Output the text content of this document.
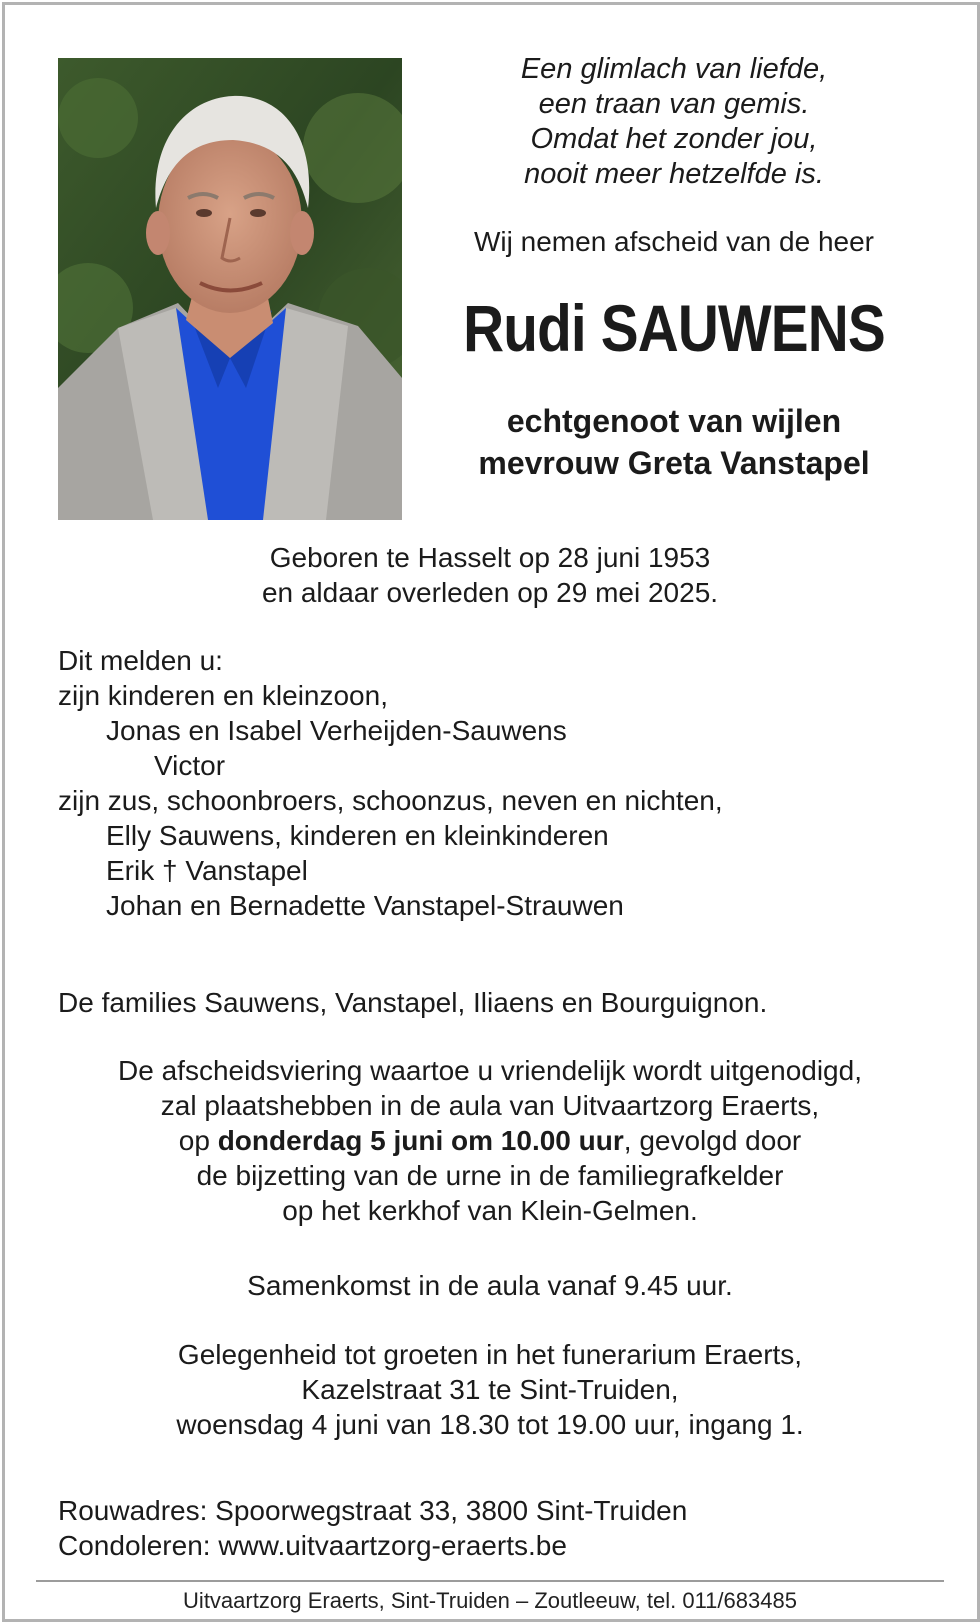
Een glimlach van liefde,
een traan van gemis.
Omdat het zonder jou,
nooit meer hetzelfde is.
Wij nemen afscheid van de heer
Rudi SAUWENS
echtgenoot van wijlen
mevrouw Greta Vanstapel
Geboren te Hasselt op 28 juni 1953
en aldaar overleden op 29 mei 2025.
Dit melden u:
zijn kinderen en kleinzoon,
Jonas en Isabel Verheijden-Sauwens
Victor
zijn zus, schoonbroers, schoonzus, neven en nichten,
Elly Sauwens, kinderen en kleinkinderen
Erik † Vanstapel
Johan en Bernadette Vanstapel-Strauwen
De families Sauwens, Vanstapel, Iliaens en Bourguignon.
De afscheidsviering waartoe u vriendelijk wordt uitgenodigd,
zal plaatshebben in de aula van Uitvaartzorg Eraerts,
op donderdag 5 juni om 10.00 uur, gevolgd door
de bijzetting van de urne in de familiegrafkelder
op het kerkhof van Klein-Gelmen.
Samenkomst in de aula vanaf 9.45 uur.
Gelegenheid tot groeten in het funerarium Eraerts,
Kazelstraat 31 te Sint-Truiden,
woensdag 4 juni van 18.30 tot 19.00 uur, ingang 1.
Rouwadres: Spoorwegstraat 33, 3800 Sint-Truiden
Condoleren: www.uitvaartzorg-eraerts.be
Uitvaartzorg Eraerts, Sint-Truiden – Zoutleeuw, tel. 011/683485
